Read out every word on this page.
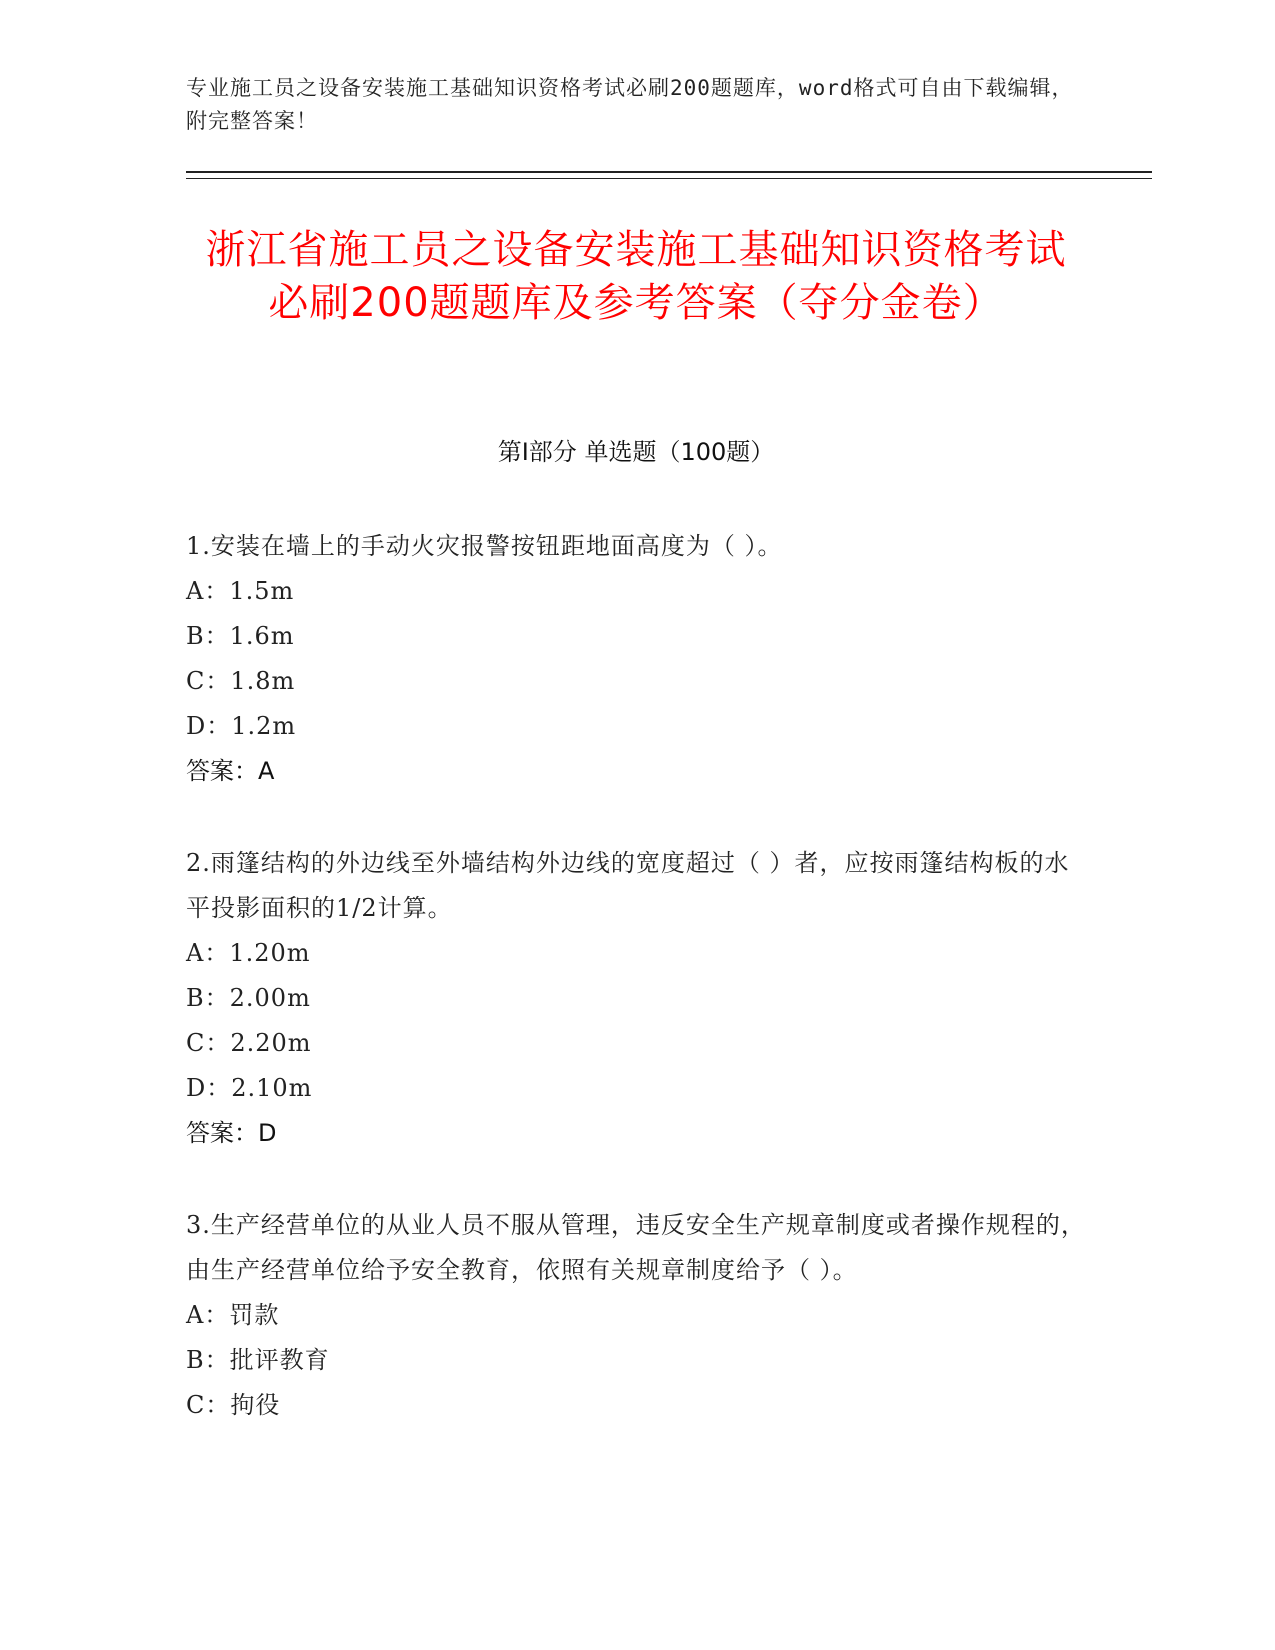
专业施工员之设备安装施工基础知识资格考试必刷200题题库，word格式可自由下载编辑，附完整答案！
浙江省施工员之设备安装施工基础知识资格考试必刷200题题库及参考答案（夺分金卷）
第I部分 单选题（100题）

1.安装在墙上的手动火灾报警按钮距地面高度为（ ）。

A：1.5m

B：1.6m

C：1.8m

D：1.2m

答案：A

2.雨篷结构的外边线至外墙结构外边线的宽度超过（ ）者，应按雨篷结构板的水平投影面积的1/2计算。

A：1.20m

B：2.00m

C：2.20m

D：2.10m

答案：D

3.生产经营单位的从业人员不服从管理，违反安全生产规章制度或者操作规程的，由生产经营单位给予安全教育，依照有关规章制度给予（ ）。

A：罚款

B：批评教育

C：拘役
